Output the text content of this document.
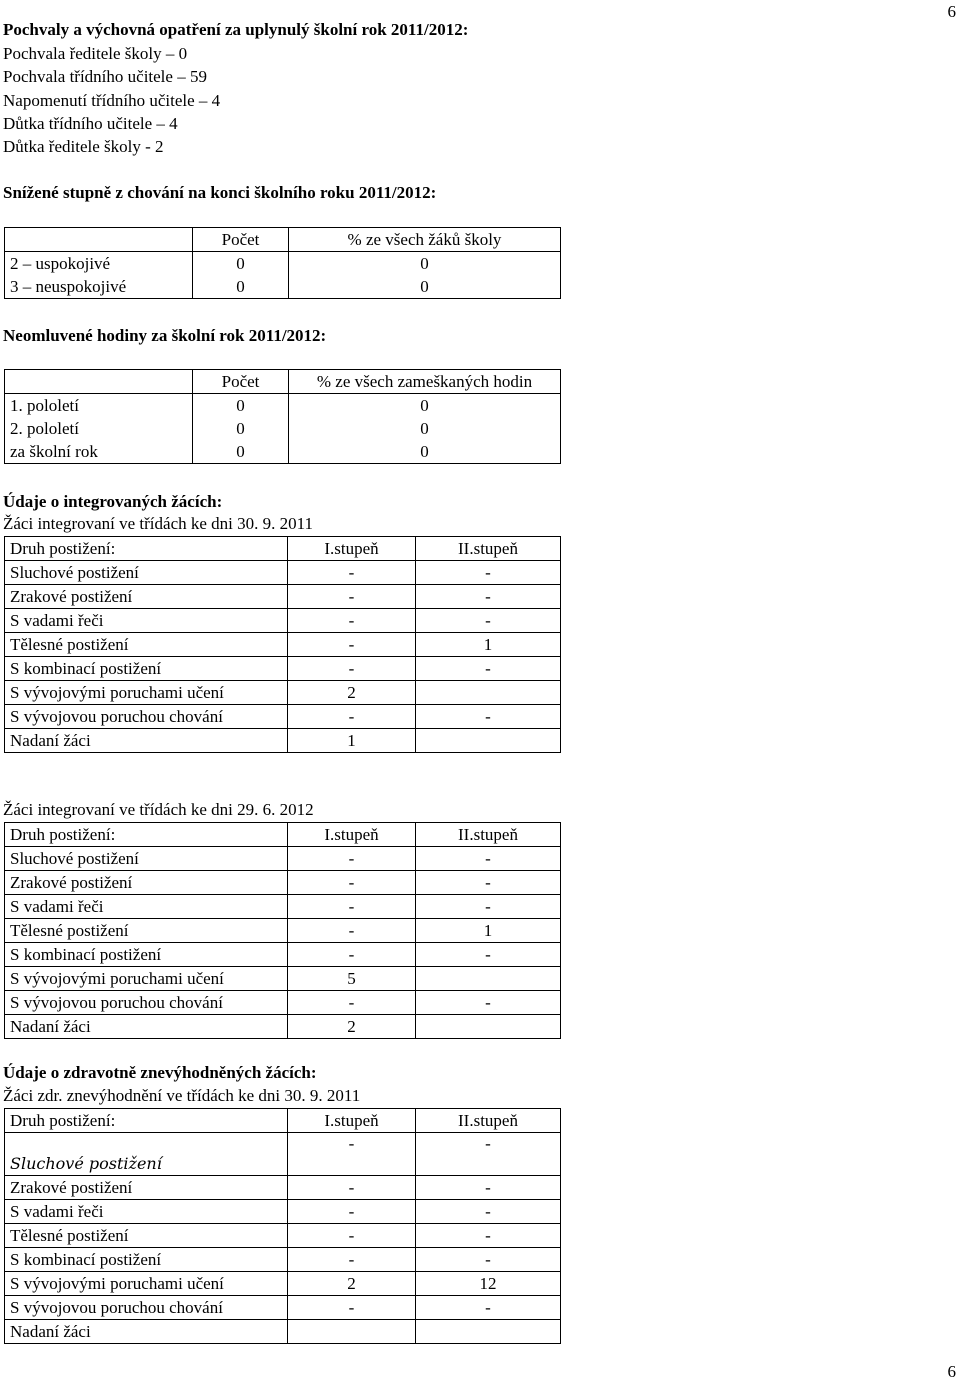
6
6
Pochvaly a výchovná opatření za uplynulý školní rok 2011/2012:
Pochvala ředitele školy – 0
Pochvala třídního učitele – 59
Napomenutí třídního učitele – 4
Důtka třídního učitele – 4
Důtka ředitele školy - 2
Snížené stupně z chování na konci školního roku 2011/2012:
	Počet	% ze všech žáků školy
2 – uspokojivé	0	0
3 – neuspokojivé	0	0
Neomluvené hodiny za školní rok 2011/2012:
	Počet	% ze všech zameškaných hodin
1. pololetí	0	0
2. pololetí	0	0
za školní rok	0	0
Údaje o integrovaných žácích:
Žáci integrovaní ve třídách ke dni 30. 9. 2011
Druh postižení:	I.stupeň	II.stupeň
Sluchové postižení	-	-
Zrakové postižení	-	-
S vadami řeči	-	-
Tělesné postižení	-	1
S kombinací postižení	-	-
S vývojovými poruchami učení	2	
S vývojovou poruchou chování	-	-
Nadaní žáci	1	
Žáci integrovaní ve třídách ke dni 29. 6. 2012
Druh postižení:	I.stupeň	II.stupeň
Sluchové postižení	-	-
Zrakové postižení	-	-
S vadami řeči	-	-
Tělesné postižení	-	1
S kombinací postižení	-	-
S vývojovými poruchami učení	5	
S vývojovou poruchou chování	-	-
Nadaní žáci	2	
Údaje o zdravotně znevýhodněných žácích:
Žáci zdr. znevýhodnění ve třídách ke dni 30. 9. 2011
Druh postižení:	I.stupeň	II.stupeň
Sluchové postižení	-	-
Zrakové postižení	-	-
S vadami řeči	-	-
Tělesné postižení	-	-
S kombinací postižení	-	-
S vývojovými poruchami učení	2	12
S vývojovou poruchou chování	-	-
Nadaní žáci		
